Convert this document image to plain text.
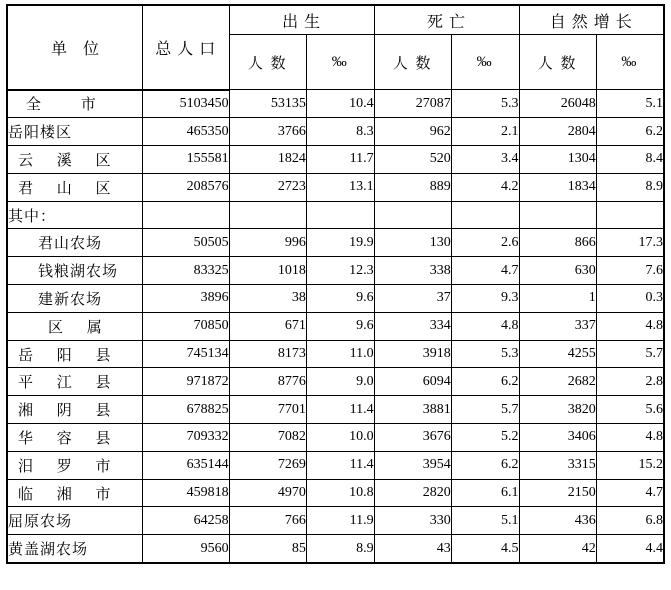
		出 生		死 亡		自 然 增 长	
单 位	总 人 口	人 数	‰	人 数	‰	人 数	‰

全 市	5103450	53135	10.4	27087	5.3	26048	5.1
岳阳楼区	465350	3766	8.3	962	2.1	2804	6.2
云 溪 区	155581	1824	11.7	520	3.4	1304	8.4
君 山 区	208576	2723	13.1	889	4.2	1834	8.9
其中：							
君山农场	50505	996	19.9	130	2.6	866	17.3
钱粮湖农场	83325	1018	12.3	338	4.7	630	7.6
建新农场	3896	38	9.6	37	9.3	1	0.3
区 属	70850	671	9.6	334	4.8	337	4.8
岳 阳 县	745134	8173	11.0	3918	5.3	4255	5.7
平 江 县	971872	8776	9.0	6094	6.2	2682	2.8
湘 阴 县	678825	7701	11.4	3881	5.7	3820	5.6
华 容 县	709332	7082	10.0	3676	5.2	3406	4.8
汨 罗 市	635144	7269	11.4	3954	6.2	3315	15.2
临 湘 市	459818	4970	10.8	2820	6.1	2150	4.7
屈原农场	64258	766	11.9	330	5.1	436	6.8
黄盖湖农场	9560	85	8.9	43	4.5	42	4.4
